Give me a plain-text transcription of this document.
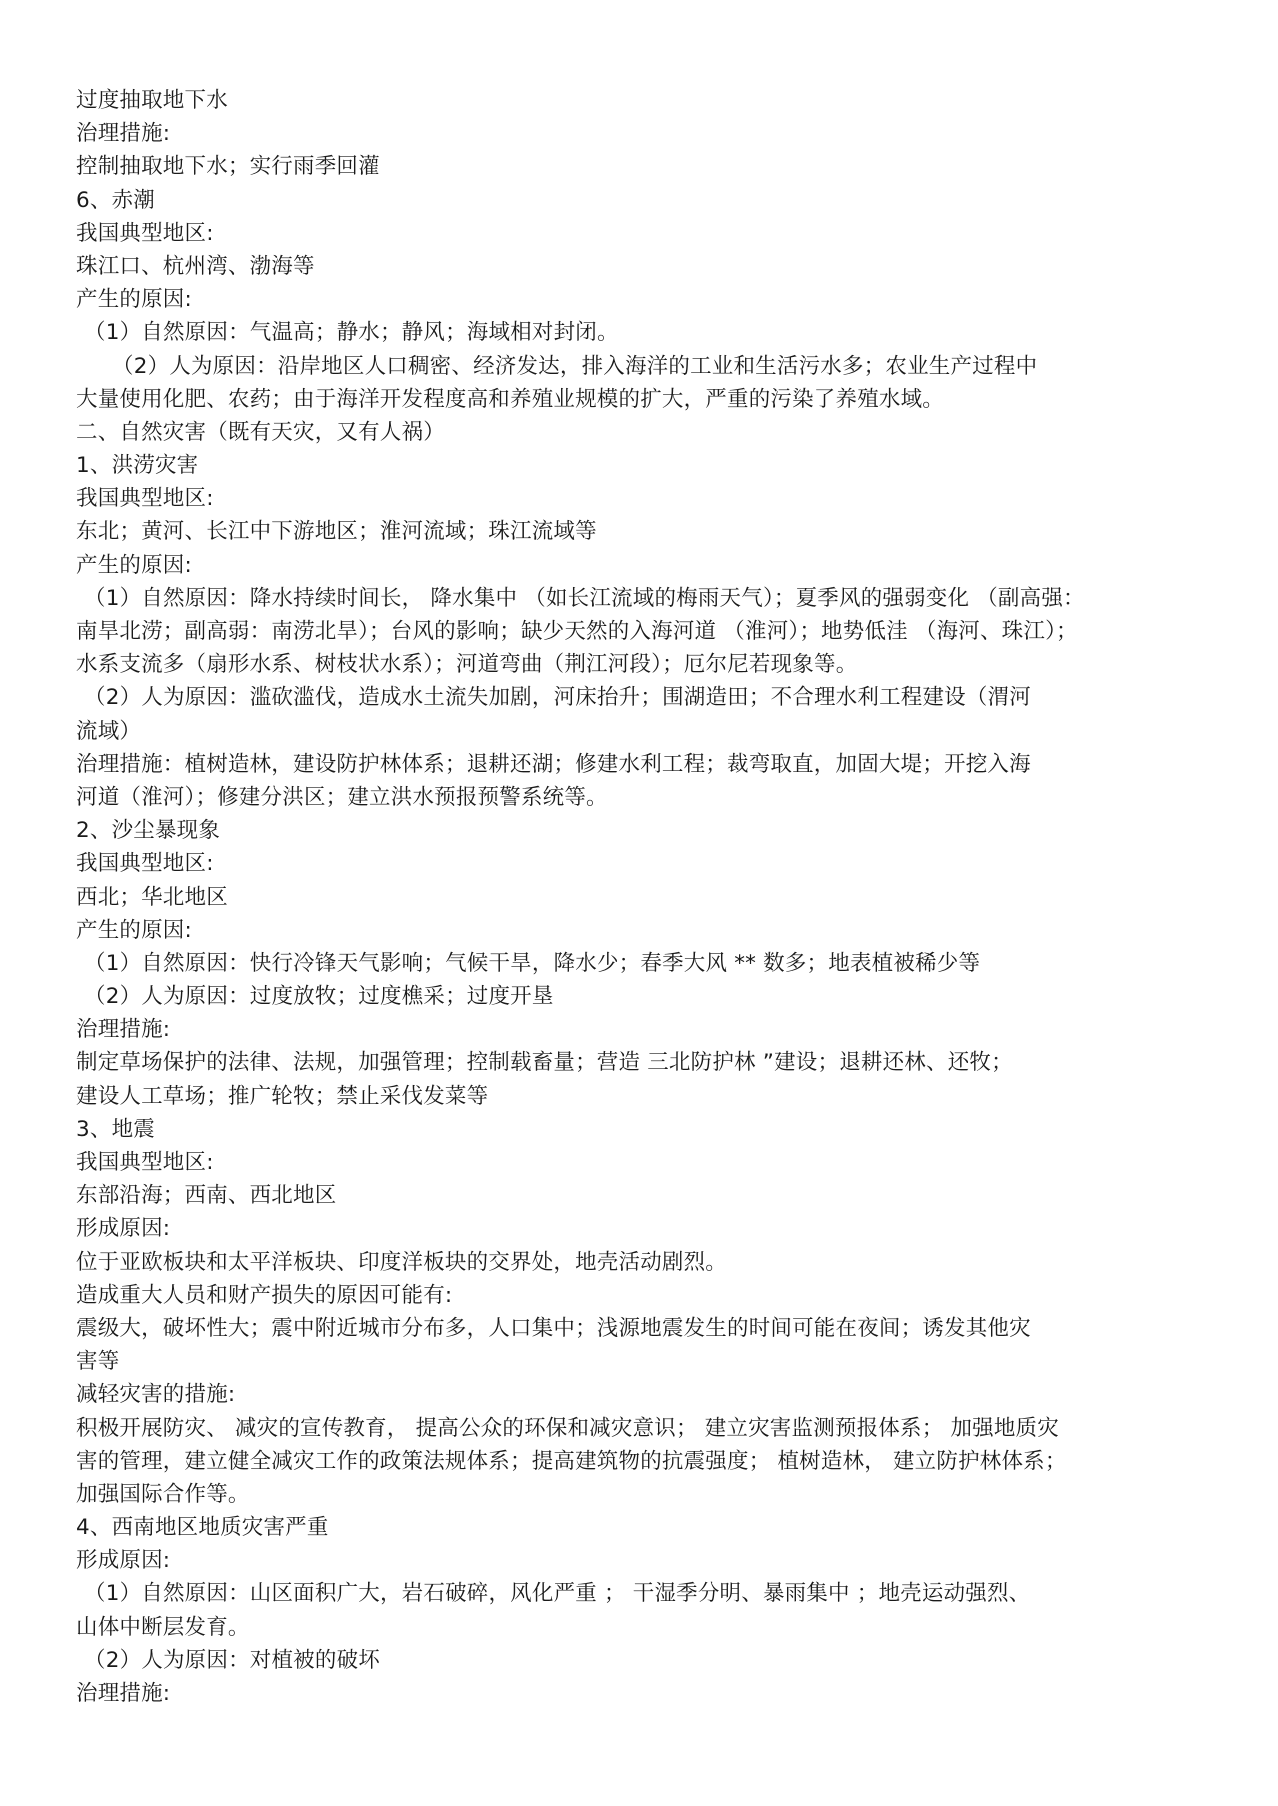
过度抽取地下水
治理措施:
控制抽取地下水；实行雨季回灌
6、赤潮
我国典型地区:
珠江口、杭州湾、渤海等
产生的原因:
（1）自然原因：气温高；静水；静风；海域相对封闭。
（2）人为原因：沿岸地区人口稠密、经济发达，排入海洋的工业和生活污水多；农业生产过程中
大量使用化肥、农药；由于海洋开发程度高和养殖业规模的扩大，严重的污染了养殖水域。
二、自然灾害（既有天灾，又有人祸）
1、洪涝灾害
我国典型地区:
东北；黄河、长江中下游地区；淮河流域；珠江流域等
产生的原因:
（1）自然原因：降水持续时间长， 降水集中 （如长江流域的梅雨天气）；夏季风的强弱变化 （副高强：
南旱北涝；副高弱：南涝北旱）；台风的影响；缺少天然的入海河道 （淮河）；地势低洼 （海河、珠江）；
水系支流多（扇形水系、树枝状水系）；河道弯曲（荆江河段）；厄尔尼若现象等。
（2）人为原因：滥砍滥伐，造成水土流失加剧，河床抬升；围湖造田；不合理水利工程建设（渭河
流域）
治理措施：植树造林，建设防护林体系；退耕还湖；修建水利工程；裁弯取直，加固大堤；开挖入海
河道（淮河）；修建分洪区；建立洪水预报预警系统等。
2、沙尘暴现象
我国典型地区:
西北；华北地区
产生的原因:
（1）自然原因：快行冷锋天气影响；气候干旱，降水少；春季大风 ** 数多；地表植被稀少等
（2）人为原因：过度放牧；过度樵采；过度开垦
治理措施:
制定草场保护的法律、法规，加强管理；控制载畜量；营造 三北防护林 ”建设；退耕还林、还牧；
建设人工草场；推广轮牧；禁止采伐发菜等
3、地震
我国典型地区:
东部沿海；西南、西北地区
形成原因:
位于亚欧板块和太平洋板块、印度洋板块的交界处，地壳活动剧烈。
造成重大人员和财产损失的原因可能有:
震级大，破坏性大；震中附近城市分布多，人口集中；浅源地震发生的时间可能在夜间；诱发其他灾
害等
减轻灾害的措施:
积极开展防灾、 减灾的宣传教育， 提高公众的环保和减灾意识； 建立灾害监测预报体系； 加强地质灾
害的管理，建立健全减灾工作的政策法规体系；提高建筑物的抗震强度； 植树造林， 建立防护林体系；
加强国际合作等。
4、西南地区地质灾害严重
形成原因:
（1）自然原因：山区面积广大，岩石破碎，风化严重 ； 干湿季分明、暴雨集中 ；地壳运动强烈、
山体中断层发育。
（2）人为原因：对植被的破坏
治理措施:
